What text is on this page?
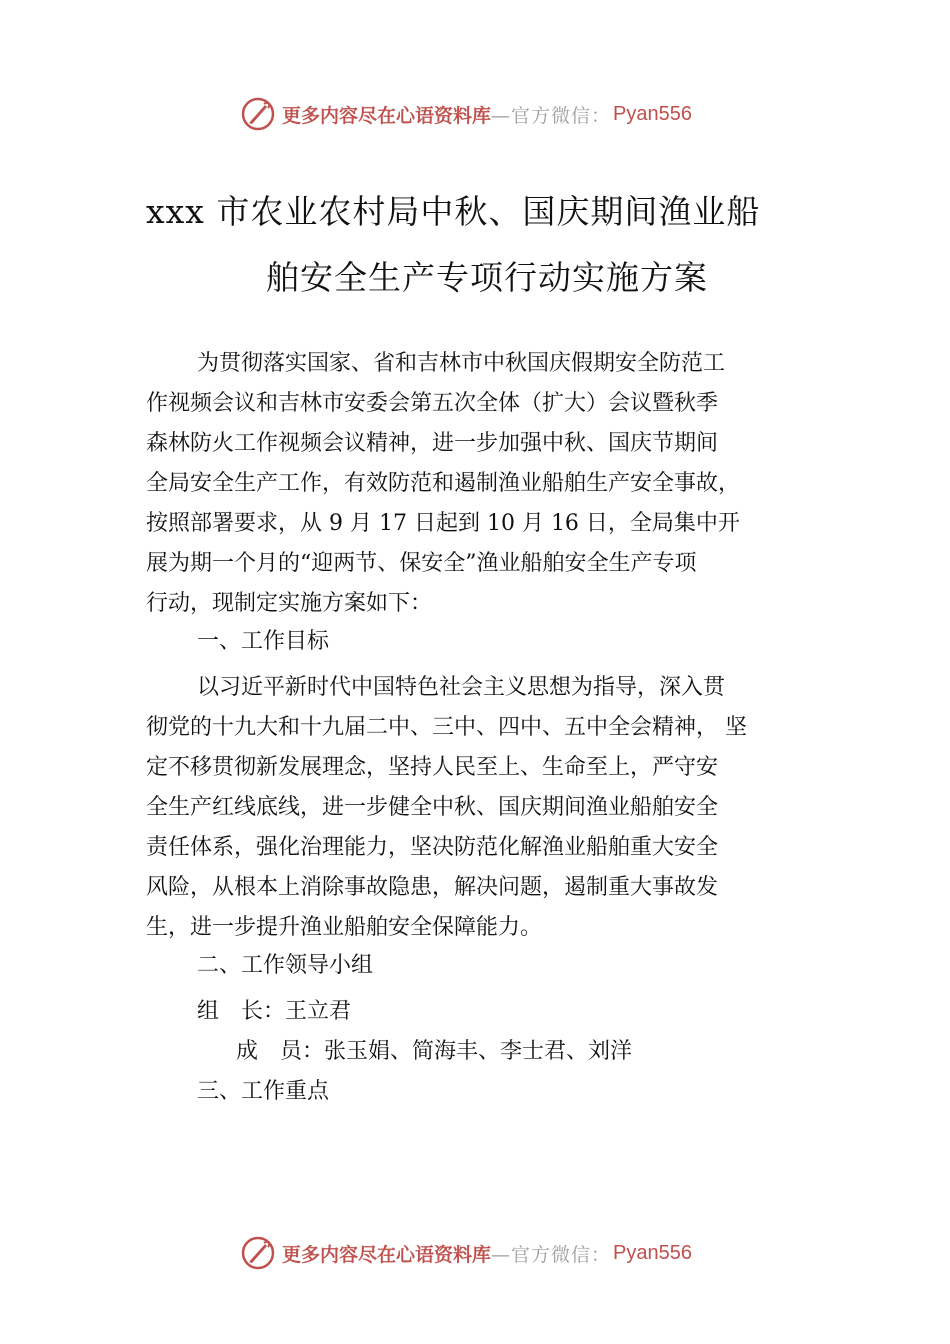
更多内容尽在心语资料库 —官方微信： Pyan556
xxx 市农业农村局中秋、国庆期间渔业船
舶安全生产专项行动实施方案
为贯彻落实国家、省和吉林市中秋国庆假期安全防范工
作视频会议和吉林市安委会第五次全体（扩大）会议暨秋季
森林防火工作视频会议精神，进一步加强中秋、国庆节期间
全局安全生产工作，有效防范和遏制渔业船舶生产安全事故，
按照部署要求，从 9 月 17 日起到 10 月 16 日，全局集中开
展为期一个月的“迎两节、保安全”渔业船舶安全生产专项
行动，现制定实施方案如下：
一、工作目标
以习近平新时代中国特色社会主义思想为指导，深入贯
彻党的十九大和十九届二中、三中、四中、五中全会精神， 坚
定不移贯彻新发展理念，坚持人民至上、生命至上，严守安
全生产红线底线，进一步健全中秋、国庆期间渔业船舶安全
责任体系，强化治理能力，坚决防范化解渔业船舶重大安全
风险，从根本上消除事故隐患，解决问题，遏制重大事故发
生，进一步提升渔业船舶安全保障能力。
二、工作领导小组
组　长：王立君
成　员：张玉娟、简海丰、李士君、刘洋
三、工作重点
更多内容尽在心语资料库 —官方微信： Pyan556
